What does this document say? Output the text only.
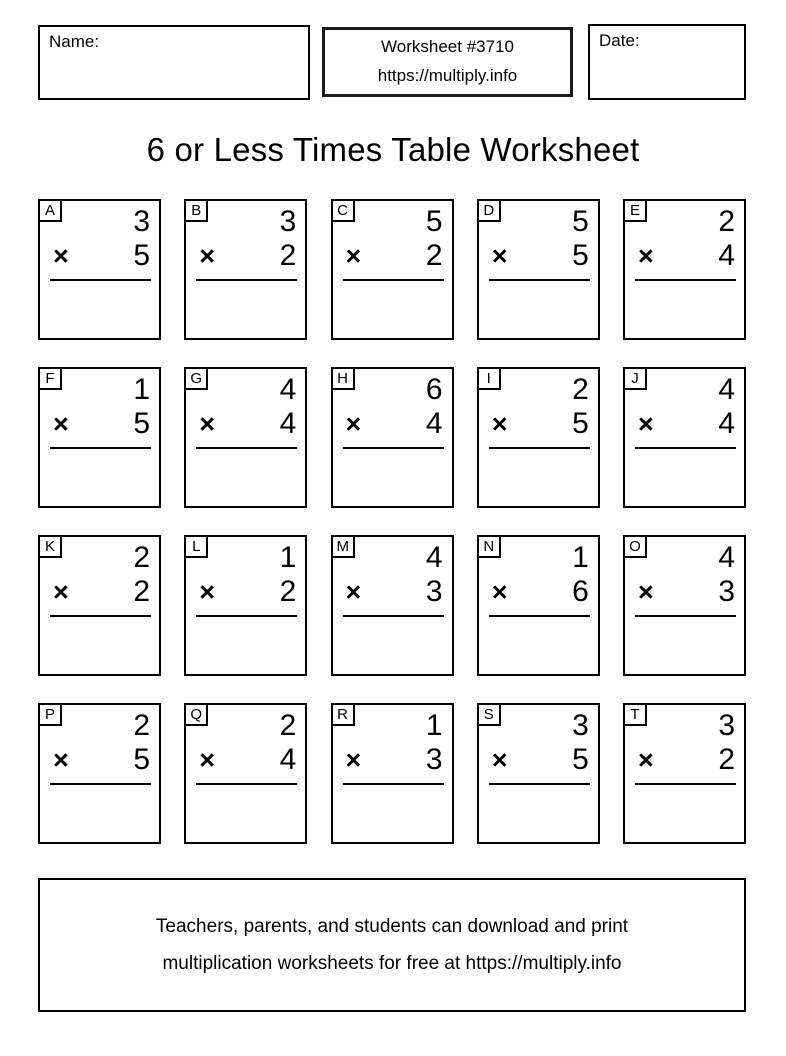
Name:	Worksheet #3710
https://multiply.info
Date:
6 or Less Times Table Worksheet
A	3
× 5
B	3
× 2
C	5
× 2
D	5
× 5
E	2
× 4
F	1
× 5
G	4
× 4
H	6
× 4
I	2
× 5
J	4
× 4
K	2
× 2
L	1
× 2
M	4
× 3
N	1
× 6
O	4
× 3
P	2
× 5
Q	2
× 4
R	1
× 3
S	3
× 5
T	3
× 2
Teachers, parents, and students can download and print
multiplication worksheets for free at https://multiply.info
